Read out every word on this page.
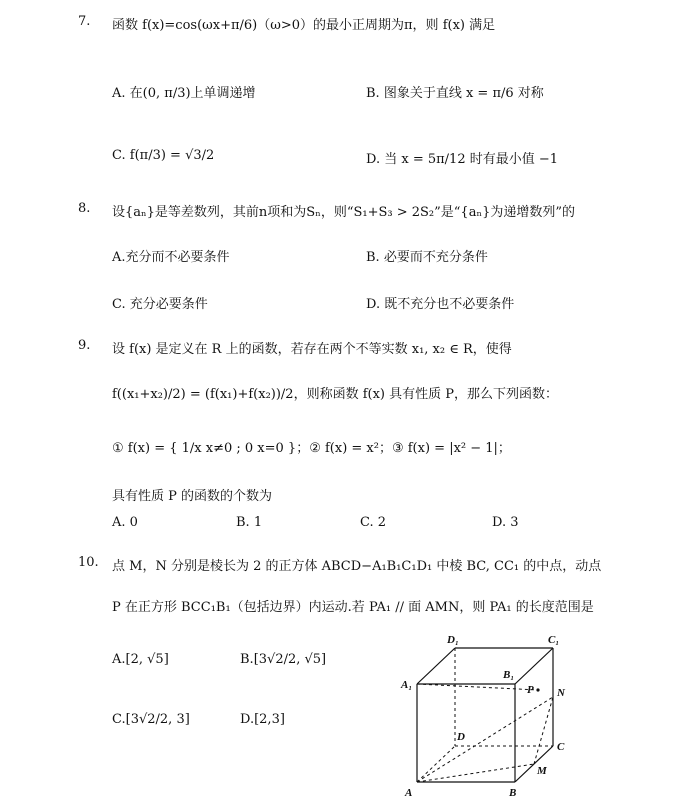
7. 函数 f(x)=cos(ωx+π/6)（ω>0）的最小正周期为π，则 f(x) 满足
A. 在(0, π/3)上单调递增	B. 图象关于直线 x = π/6 对称
C. f(π/3) = √3/2	D. 当 x = 5π/12 时有最小值 −1
8. 设{aₙ}是等差数列，其前n项和为Sₙ，则“S₁+S₃ > 2S₂”是“{aₙ}为递增数列”的
A.充分而不必要条件	B. 必要而不充分条件
C. 充分必要条件	D. 既不充分也不必要条件
9. 设 f(x) 是定义在 R 上的函数，若存在两个不等实数 x₁, x₂ ∈ R，使得
f((x₁+x₂)/2) = (f(x₁)+f(x₂))/2，则称函数 f(x) 具有性质 P，那么下列函数：
① f(x) = { 1/x x≠0 ; 0 x=0 }；② f(x) = x²；③ f(x) = |x² − 1|；
具有性质 P 的函数的个数为
A. 0	B. 1	C. 2	D. 3
10. 点 M，N 分别是棱长为 2 的正方体 ABCD−A₁B₁C₁D₁ 中棱 BC, CC₁ 的中点，动点
P 在正方形 BCC₁B₁（包括边界）内运动.若 PA₁ // 面 AMN，则 PA₁ 的长度范围是
A.[2, √5]	B.[3√2/2, √5]
C.[3√2/2, 3]	D.[2,3]
D₁	C₁
A₁
B₁
P N
D
C
M
A	B
